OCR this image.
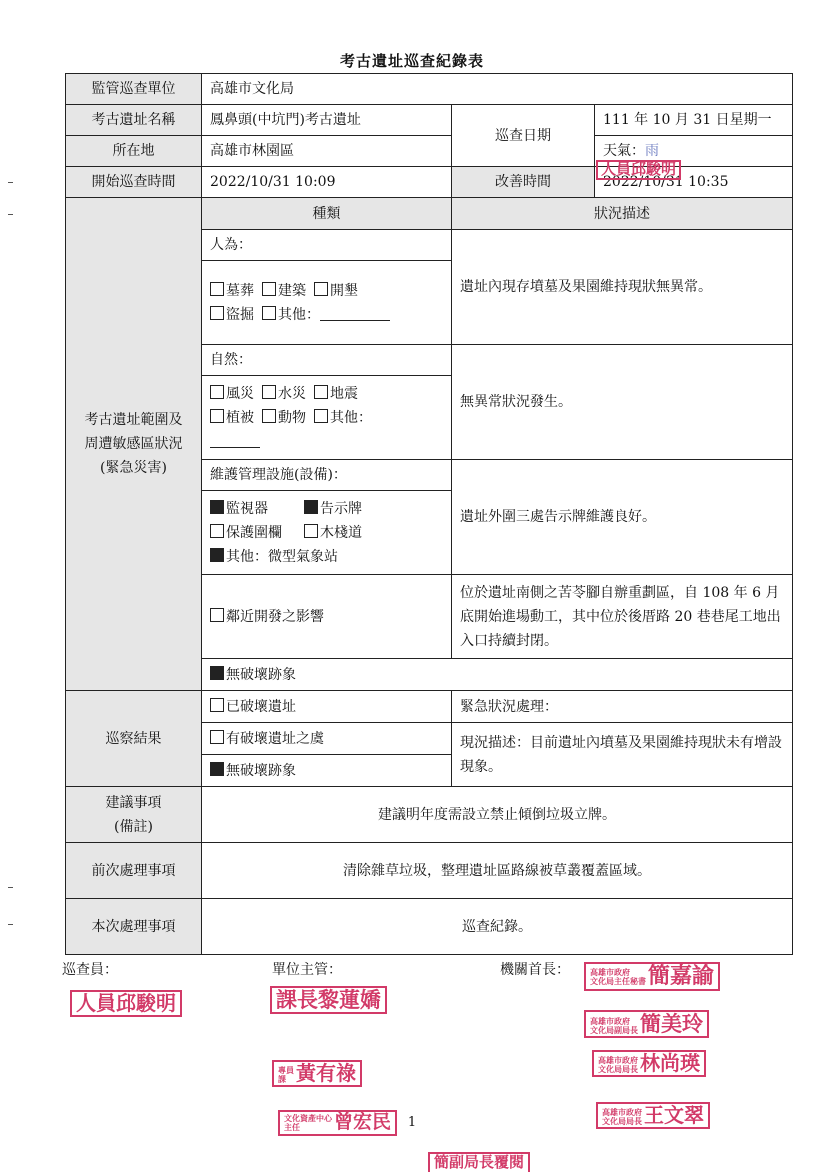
考古遺址巡查紀錄表
監管巡查單位	高雄市文化局		
考古遺址名稱	鳳鼻頭(中坑門)考古遺址	巡查日期	111 年 10 月 31 日星期一
所在地	高雄市林園區		天氣：雨
開始巡查時間	2022/10/31 10:09	改善時間	2022/10/31 10:35

考古遺址範圍及
周遭敏感區狀況
(緊急災害)	種類	狀況描述	
	人為：	遺址內現存墳墓及果園維持現狀無異常。	

	墓葬 建築 開墾
盜掘 其他：		

	自然：	無異常狀況發生。	

	風災 水災 地震
植被 動物 其他：		

	維護管理設施(設備)：	遺址外圍三處告示牌維護良好。	

	監視器 告示牌
保護圍欄 木棧道
其他：微型氣象站		

	鄰近開發之影響	位於遺址南側之苦苓腳自辦重劃區，自 108 年 6 月底開始進場動工，其中位於後厝路 20 巷巷尾工地出入口持續封閉。	
	無破壞跡象		
巡察結果	已破壞遺址	緊急狀況處理：	
	有破壞遺址之虞	現況描述：目前遺址內墳墓及果園維持現狀未有增設現象。	
	無破壞跡象		

建議事項
(備註)	建議明年度需設立禁止傾倒垃圾立牌。		
前次處理事項	清除雜草垃圾，整理遺址區路線被草叢覆蓋區域。		
本次處理事項	巡查紀錄。		
巡查員：	單位主管：	機關首長：
人員邱駿明
人員邱駿明	課長黎蓮嬌
專員
課 黃有祿
文化資產中心
主任 曾宏民
高雄市政府
文化局主任秘書簡嘉諭
高雄市政府
文化局副局長簡美玲
高雄市政府
文化局局長 林尚瑛
高雄市政府
文化局局長 王文翠
簡副局長覆閱
1
